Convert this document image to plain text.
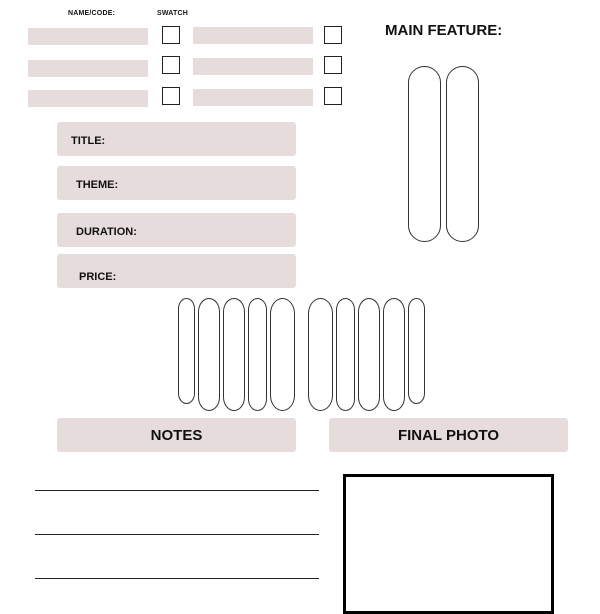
NAME/CODE:	SWATCH
MAIN FEATURE:
TITLE:
THEME:
DURATION:
PRICE:
NOTES	FINAL PHOTO
